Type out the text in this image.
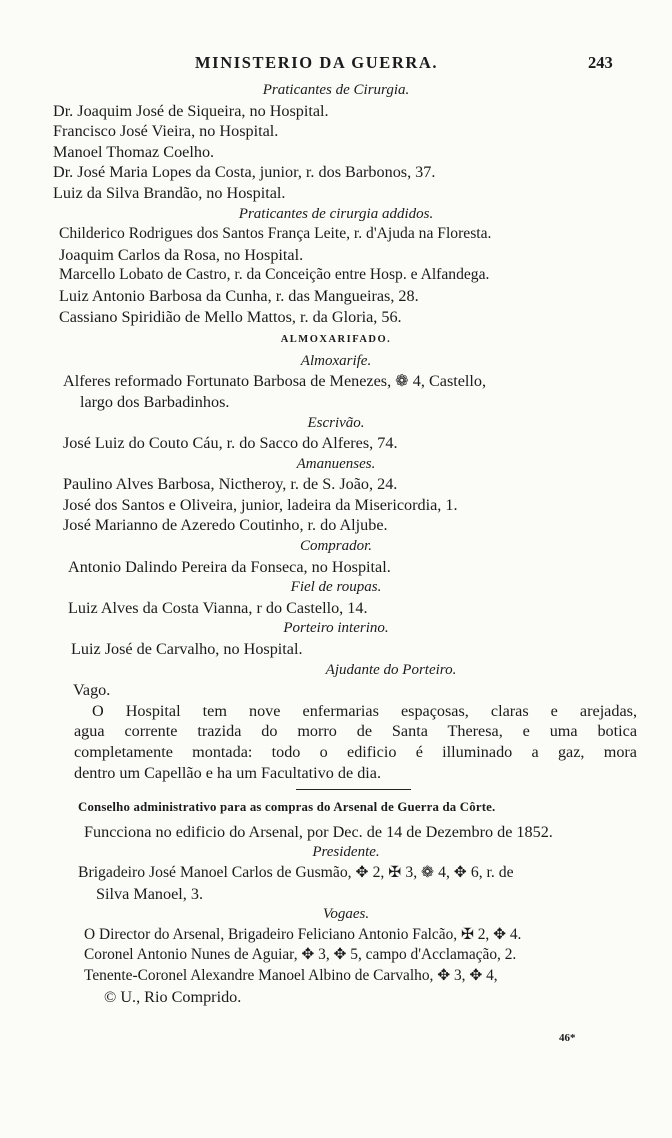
MINISTERIO DA GUERRA.	243
Praticantes de Cirurgia.
Dr. Joaquim José de Siqueira, no Hospital.
Francisco José Vieira, no Hospital.
Manoel Thomaz Coelho.
Dr. José Maria Lopes da Costa, junior, r. dos Barbonos, 37.
Luiz da Silva Brandão, no Hospital.
Praticantes de cirurgia addidos.
Childerico Rodrigues dos Santos França Leite, r. d'Ajuda na Floresta.
Joaquim Carlos da Rosa, no Hospital.
Marcello Lobato de Castro, r. da Conceição entre Hosp. e Alfandega.
Luiz Antonio Barbosa da Cunha, r. das Mangueiras, 28.
Cassiano Spiridião de Mello Mattos, r. da Gloria, 56.
ALMOXARIFADO.
Almoxarife.
Alferes reformado Fortunato Barbosa de Menezes, ❁ 4, Castello,
largo dos Barbadinhos.
Escrivão.
José Luiz do Couto Cáu, r. do Sacco do Alferes, 74.
Amanuenses.
Paulino Alves Barbosa, Nictheroy, r. de S. João, 24.
José dos Santos e Oliveira, junior, ladeira da Misericordia, 1.
José Marianno de Azeredo Coutinho, r. do Aljube.
Comprador.
Antonio Dalindo Pereira da Fonseca, no Hospital.
Fiel de roupas.
Luiz Alves da Costa Vianna, r do Castello, 14.
Porteiro interino.
Luiz José de Carvalho, no Hospital.
Ajudante do Porteiro.
Vago.
O Hospital tem nove enfermarias espaçosas, claras e arejadas,
agua corrente trazida do morro de Santa Theresa, e uma botica
completamente montada: todo o edificio é illuminado a gaz, mora
dentro um Capellão e ha um Facultativo de dia.
Conselho administrativo para as compras do Arsenal de Guerra da Côrte.
Funcciona no edificio do Arsenal, por Dec. de 14 de Dezembro de 1852.
Presidente.
Brigadeiro José Manoel Carlos de Gusmão, ✥ 2, ✠ 3, ❁ 4, ✥ 6, r. de
Silva Manoel, 3.
Vogaes.
O Director do Arsenal, Brigadeiro Feliciano Antonio Falcão, ✠ 2, ✥ 4.
Coronel Antonio Nunes de Aguiar, ✥ 3, ✥ 5, campo d'Acclamação, 2.
Tenente-Coronel Alexandre Manoel Albino de Carvalho, ✥ 3, ✥ 4,
© U., Rio Comprido.
46*
